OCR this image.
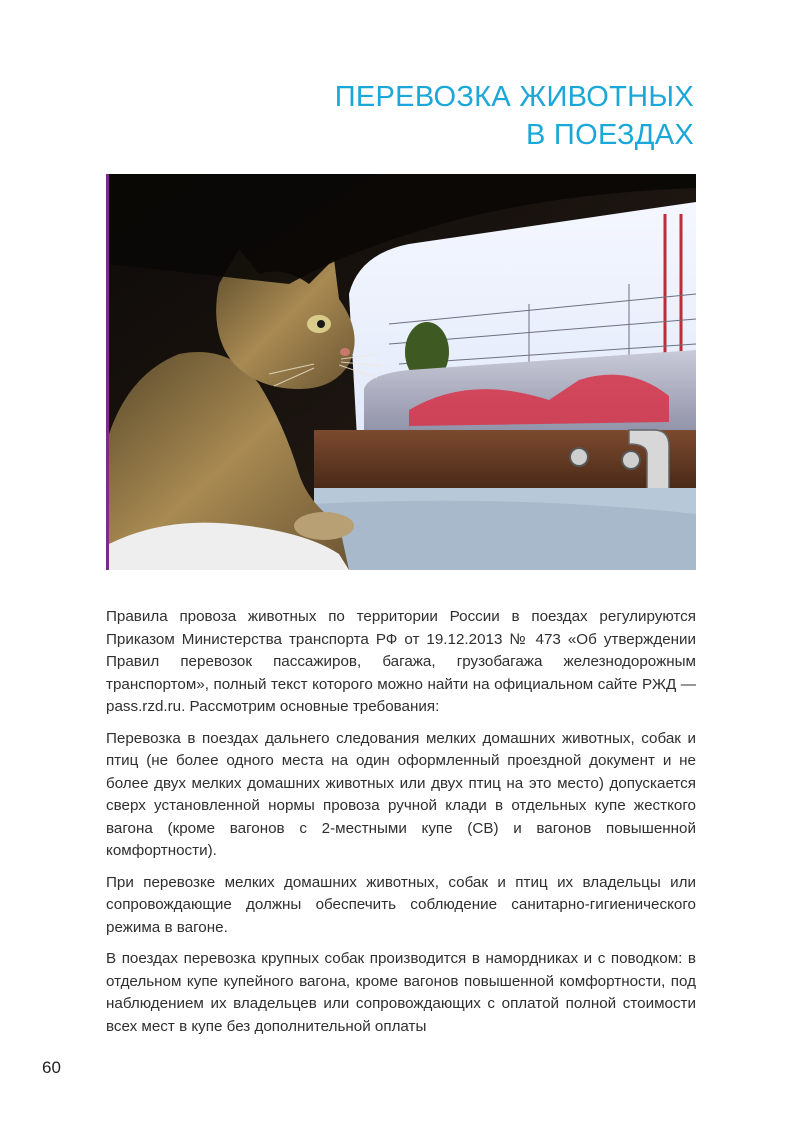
ПЕРЕВОЗКА ЖИВОТНЫХ
В ПОЕЗДАХ

Правила провоза животных по территории России в поездах регулируются Приказом Министерства транспорта РФ от 19.12.2013 № 473 «Об утверждении Правил перевозок пассажиров, багажа, грузобагажа железнодорожным транспортом», полный текст которого можно найти на официальном сайте РЖД — pass.rzd.ru. Рассмотрим основные требования:

Перевозка в поездах дальнего следования мелких домашних животных, собак и птиц (не более одного места на один оформленный проездной документ и не более двух мелких домашних животных или двух птиц на это место) допускается сверх установленной нормы провоза ручной клади в отдельных купе жесткого вагона (кроме вагонов с 2-местными купе (СВ) и вагонов повышенной комфортности).

При перевозке мелких домашних животных, собак и птиц их владельцы или сопровождающие должны обеспечить соблюдение санитарно-гигиенического режима в вагоне.

В поездах перевозка крупных собак производится в намордниках и с поводком: в отдельном купе купейного вагона, кроме вагонов повышенной комфортности, под наблюдением их владельцев или сопровождающих с оплатой полной стоимости всех мест в купе без дополнительной оплаты

60
